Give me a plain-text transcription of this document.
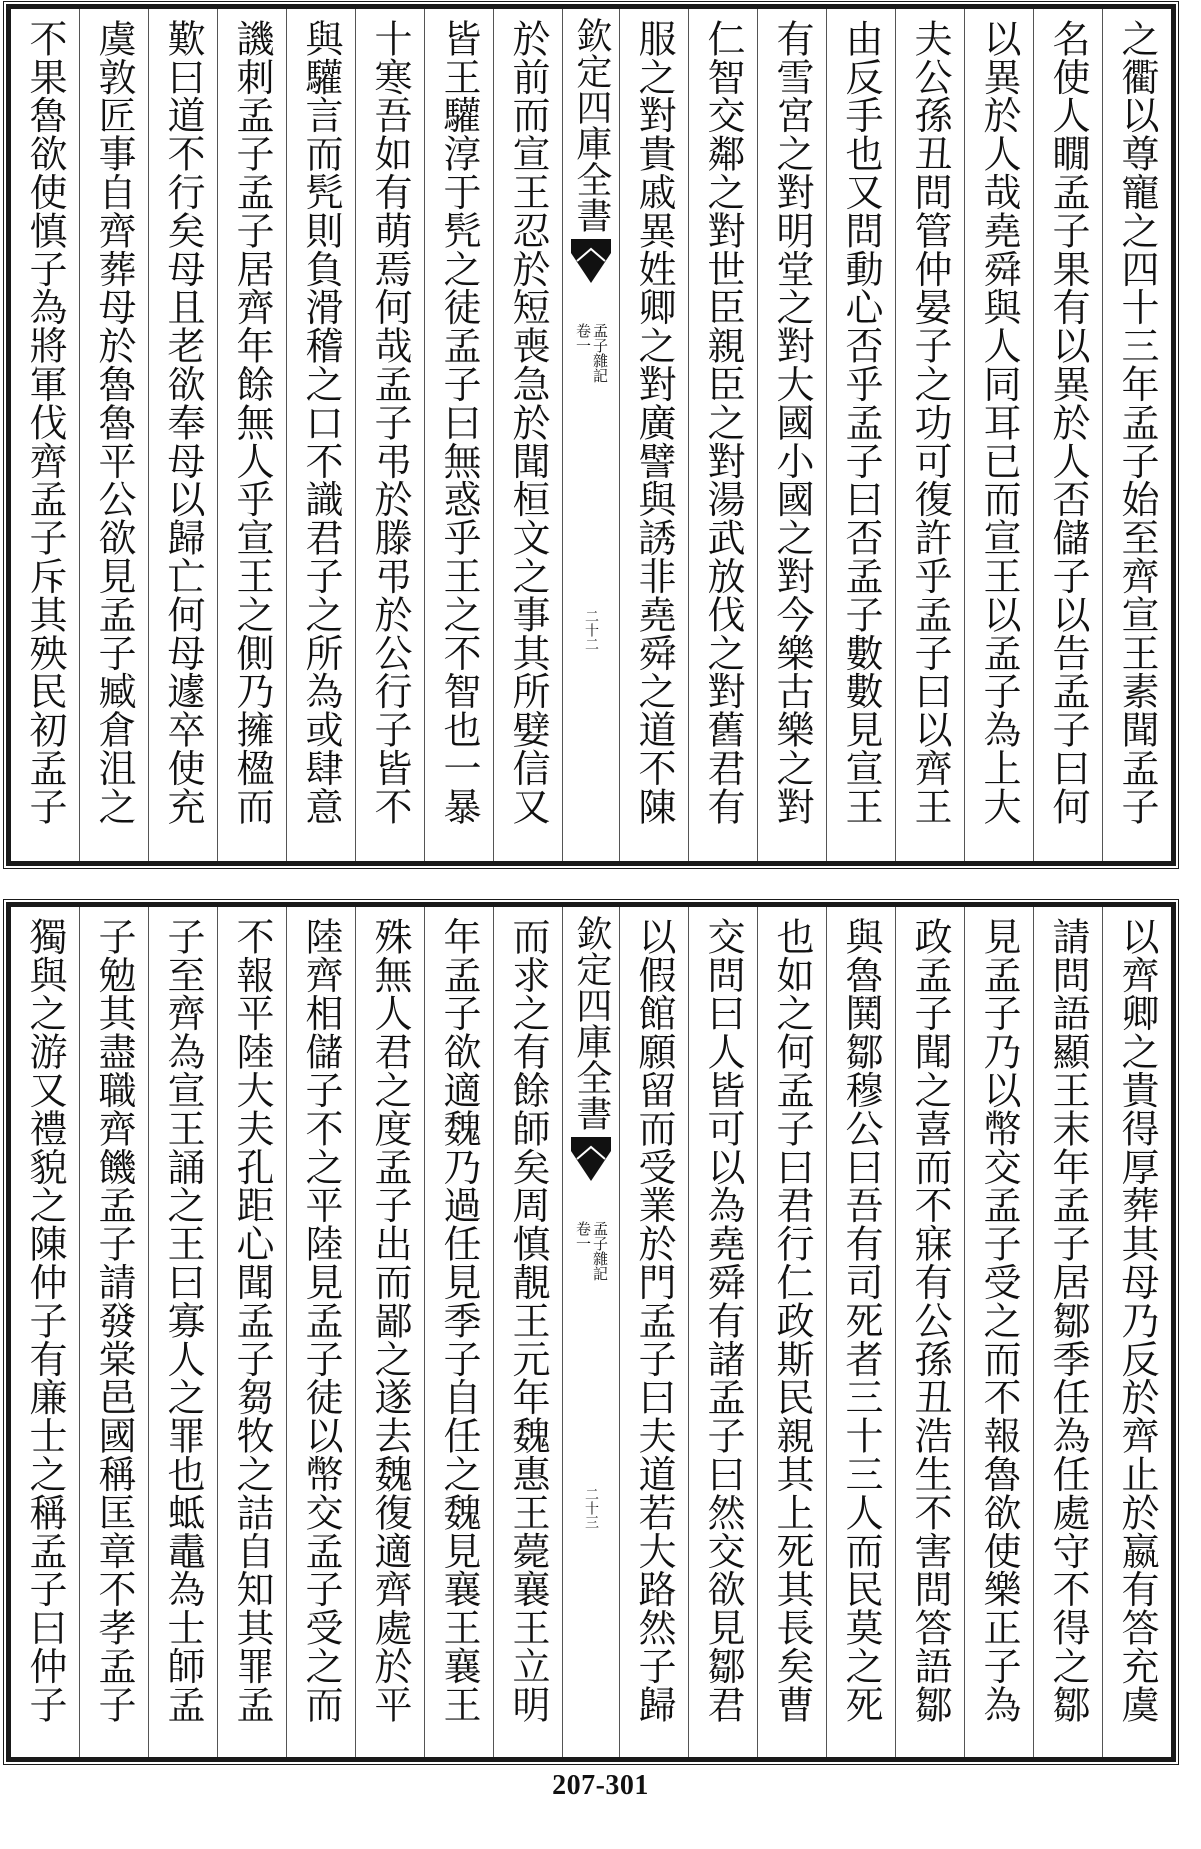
之衢以尊寵之四十三年孟子始至齊宣王素聞孟子
名使人瞯孟子果有以異於人否儲子以告孟子曰何
以異於人哉堯舜與人同耳已而宣王以孟子為上大
夫公孫丑問管仲晏子之功可復許乎孟子曰以齊王
由反手也又問動心否乎孟子曰否孟子數數見宣王
有雪宮之對明堂之對大國小國之對今樂古樂之對
仁智交鄰之對世臣親臣之對湯武放伐之對舊君有
服之對貴戚異姓卿之對廣譬與誘非堯舜之道不陳
欽定四庫全書
孟子雜記
卷一
二十二
於前而宣王忍於短喪急於聞桓文之事其所嬖信又
皆王驩淳于髠之徒孟子曰無惑乎王之不智也一暴
十寒吾如有萌焉何哉孟子弔於滕弔於公行子皆不
與驩言而髠則負滑稽之口不識君子之所為或肆意
譏刺孟子孟子居齊年餘無人乎宣王之側乃擁楹而
歎曰道不行矣母且老欲奉母以歸亡何母遽卒使充
虞敦匠事自齊葬母於魯魯平公欲見孟子臧倉沮之
不果魯欲使慎子為將軍伐齊孟子斥其殃民初孟子
以齊卿之貴得厚葬其母乃反於齊止於嬴有答充虞
請問語顯王末年孟子居鄒季任為任處守不得之鄒
見孟子乃以幣交孟子受之而不報魯欲使樂正子為
政孟子聞之喜而不寐有公孫丑浩生不害問答語鄒
與魯鬨鄒穆公曰吾有司死者三十三人而民莫之死
也如之何孟子曰君行仁政斯民親其上死其長矣曹
交問曰人皆可以為堯舜有諸孟子曰然交欲見鄒君
以假館願留而受業於門孟子曰夫道若大路然子歸
欽定四庫全書
孟子雜記
卷一
二十三
而求之有餘師矣周慎靚王元年魏惠王薨襄王立明
年孟子欲適魏乃過任見季子自任之魏見襄王襄王
殊無人君之度孟子出而鄙之遂去魏復適齊處於平
陸齊相儲子不之平陸見孟子徒以幣交孟子受之而
不報平陸大夫孔距心聞孟子芻牧之詰自知其罪孟
子至齊為宣王誦之王曰寡人之罪也蚳鼃為士師孟
子勉其盡職齊饑孟子請發棠邑國稱匡章不孝孟子
獨與之游又禮貌之陳仲子有廉士之稱孟子曰仲子
207-301
